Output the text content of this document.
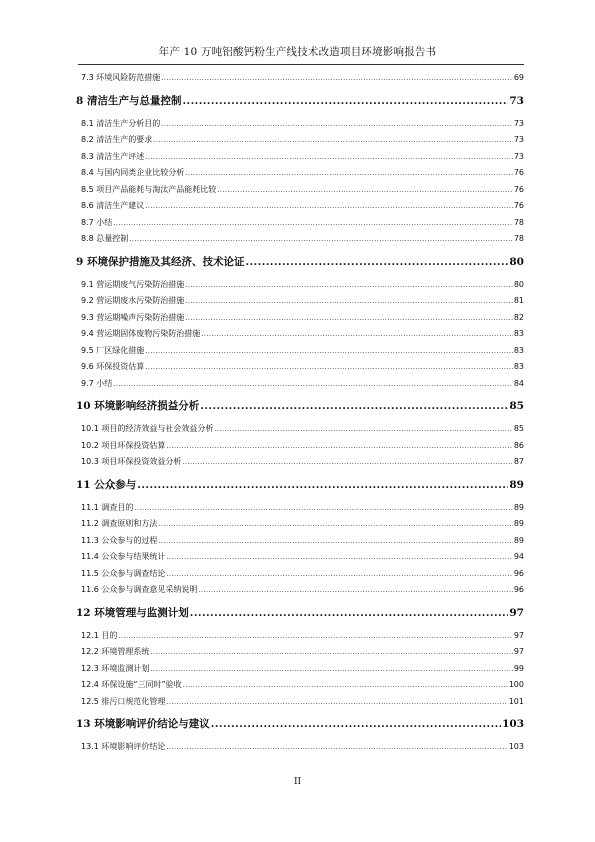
年产 10 万吨铝酸钙粉生产线技术改造项目环境影响报告书
7.3 环境风险防范措施 .....	69
8 清洁生产与总量控制 .....	73
8.1 清洁生产分析目的 .....	73
8.2 清洁生产的要求 .....	73
8.3 清洁生产评述 .....	73
8.4 与国内同类企业比较分析 .....	76
8.5 项目产品能耗与淘汰产品能耗比较 .....	76
8.6 清洁生产建议 .....	76
8.7 小结 .....	78
8.8 总量控制 .....	78
9 环境保护措施及其经济、技术论证 .....	80
9.1 营运期废气污染防治措施 .....	80
9.2 营运期废水污染防治措施 .....	81
9.3 营运期噪声污染防治措施 .....	82
9.4 营运期固体废物污染防治措施 .....	83
9.5 厂区绿化措施 .....	83
9.6 环保投资估算 .....	83
9.7 小结 .....	84
10 环境影响经济损益分析 .....	85
10.1 项目的经济效益与社会效益分析 .....	85
10.2 项目环保投资估算 .....	86
10.3 项目环保投资效益分析 .....	87
11 公众参与 .....	89
11.1 调查目的 .....	89
11.2 调查原则和方法 .....	89
11.3 公众参与的过程 .....	89
11.4 公众参与结果统计 .....	94
11.5 公众参与调查结论 .....	96
11.6 公众参与调查意见采纳说明 .....	96
12 环境管理与监测计划 .....	97
12.1 目的 .....	97
12.2 环境管理系统 .....	97
12.3 环境监测计划 .....	99
12.4 环保设施“三同时”验收 .....	100
12.5 排污口规范化管理 .....	101
13 环境影响评价结论与建议 .....	103
13.1 环境影响评价结论 .....	103
II
